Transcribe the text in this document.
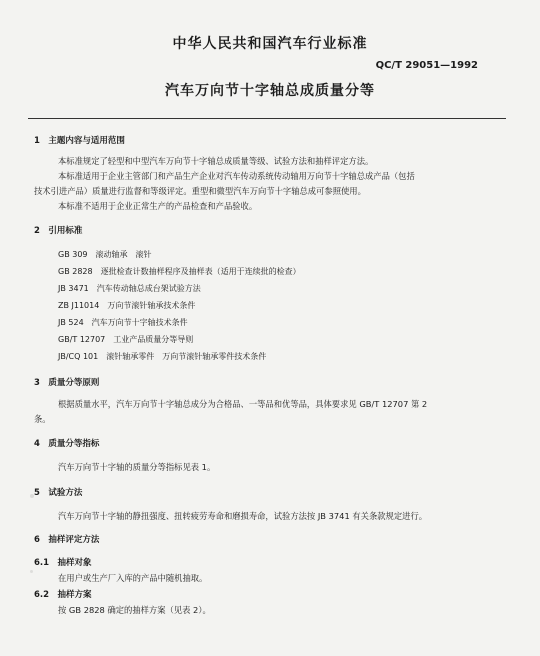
中华人民共和国汽车行业标准
QC/T 29051—1992
汽车万向节十字轴总成质量分等
1　主题内容与适用范围
本标准规定了轻型和中型汽车万向节十字轴总成质量等级、试验方法和抽样评定方法。
本标准适用于企业主管部门和产品生产企业对汽车传动系统传动轴用万向节十字轴总成产品（包括
技术引进产品）质量进行监督和等级评定。重型和微型汽车万向节十字轴总成可参照使用。
本标准不适用于企业正常生产的产品检查和产品验收。
2　引用标准
GB 309　滚动轴承　滚针
GB 2828　逐批检查计数抽样程序及抽样表（适用于连续批的检查）
JB 3471　汽车传动轴总成台架试验方法
ZB J11014　万向节滚针轴承技术条件
JB 524　汽车万向节十字轴技术条件
GB/T 12707　工业产品质量分等导则
JB/CQ 101　滚针轴承零件　万向节滚针轴承零件技术条件
3　质量分等原则
根据质量水平，汽车万向节十字轴总成分为合格品、一等品和优等品，具体要求见 GB/T 12707 第 2
条。
4　质量分等指标
汽车万向节十字轴的质量分等指标见表 1。
5　试验方法
汽车万向节十字轴的静扭强度、扭转疲劳寿命和磨损寿命，试验方法按 JB 3741 有关条款规定进行。
6　抽样评定方法
6.1　抽样对象
在用户或生产厂入库的产品中随机抽取。
6.2　抽样方案
按 GB 2828 确定的抽样方案（见表 2）。
